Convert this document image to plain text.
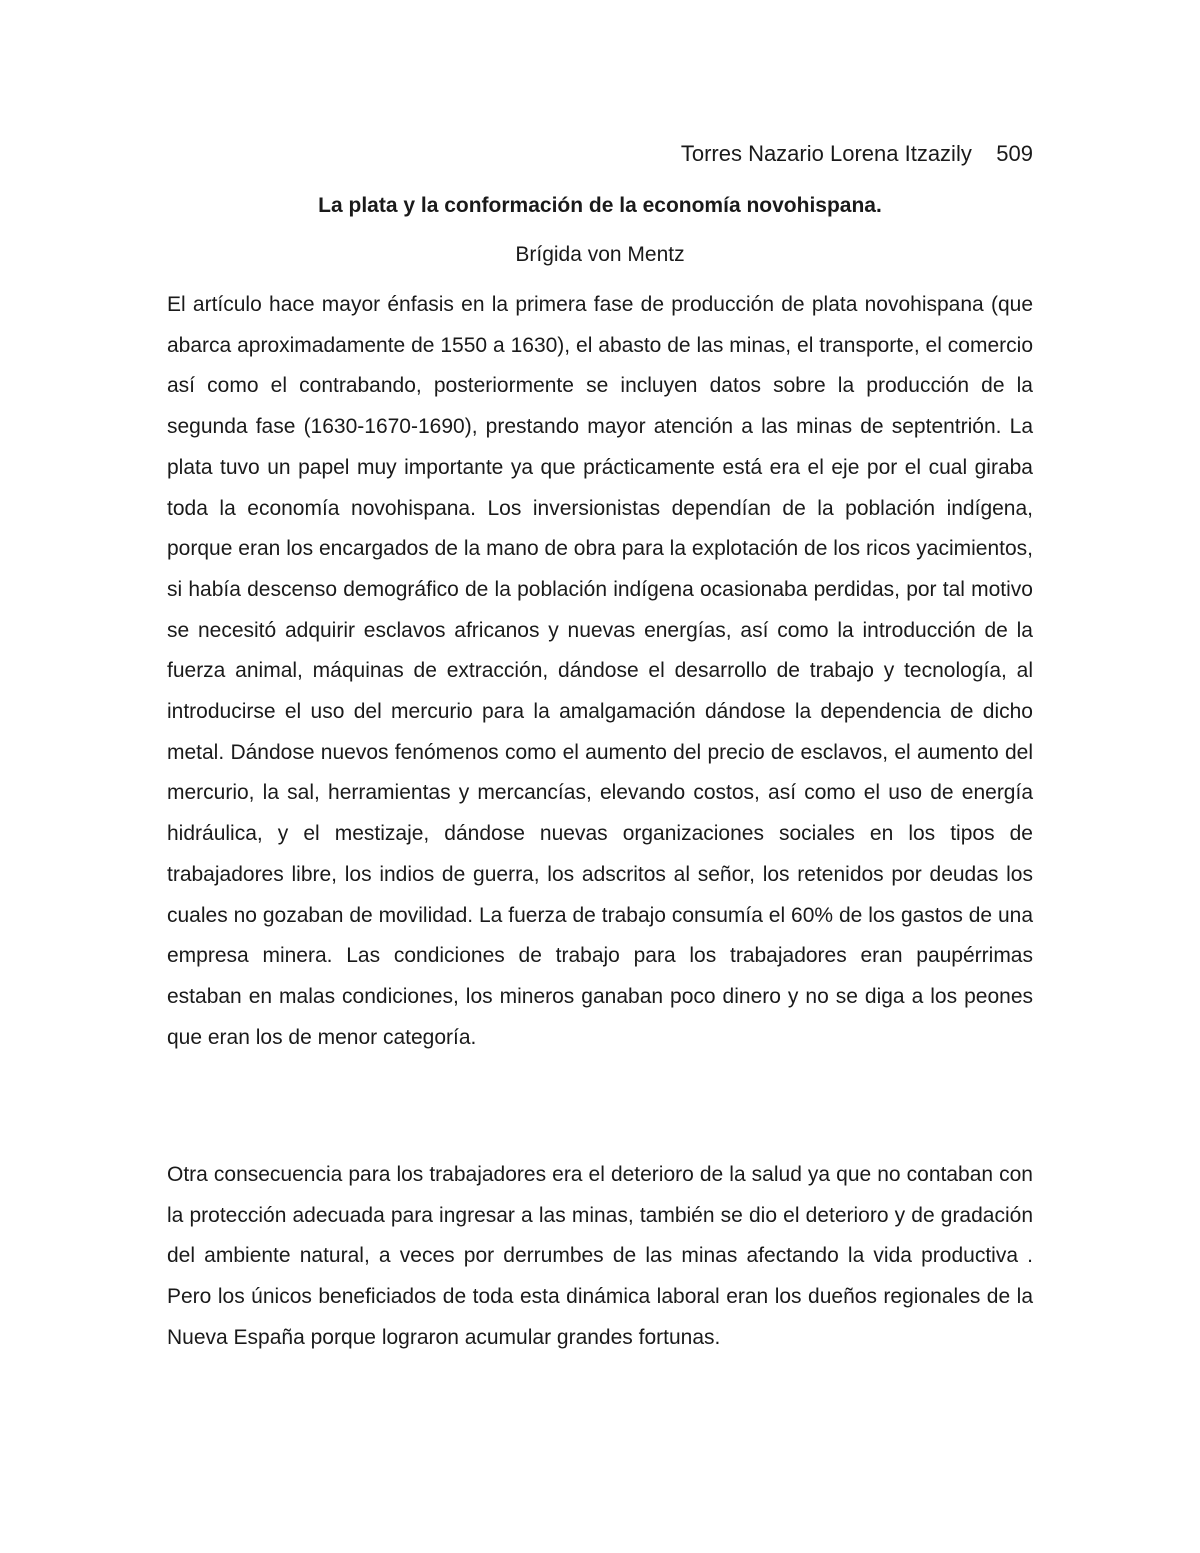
Torres Nazario Lorena Itzazily    509
La plata y la conformación de la economía novohispana.
Brígida von Mentz

El artículo hace mayor énfasis en la primera fase de producción de plata novohispana (que abarca aproximadamente de 1550 a 1630), el abasto de las minas, el transporte, el comercio así como el contrabando, posteriormente se incluyen datos sobre la producción de la segunda fase (1630-1670-1690), prestando mayor atención a las minas de septentrión. La plata tuvo un papel muy importante ya que prácticamente está era el eje por el cual giraba toda la economía novohispana. Los inversionistas dependían de la población indígena, porque eran los encargados de la mano de obra para la explotación de los ricos yacimientos, si había descenso demográfico de la población indígena ocasionaba perdidas, por tal motivo se necesitó adquirir esclavos africanos y nuevas energías, así como la introducción de la fuerza animal, máquinas de extracción, dándose el desarrollo de trabajo y tecnología, al introducirse el uso del mercurio para la amalgamación dándose la dependencia de dicho metal. Dándose nuevos fenómenos como el aumento del precio de esclavos, el aumento del mercurio, la sal, herramientas y mercancías, elevando costos, así como el uso de energía hidráulica, y el mestizaje, dándose nuevas organizaciones sociales en los tipos de trabajadores libre, los indios de guerra, los adscritos al señor, los retenidos por deudas los cuales no gozaban de movilidad. La fuerza de trabajo consumía el 60% de los gastos de una empresa minera. Las condiciones de trabajo para los trabajadores eran paupérrimas estaban en malas condiciones, los mineros ganaban poco dinero y no se diga a los peones que eran los de menor categoría.

Otra consecuencia para los trabajadores era el deterioro de la salud ya que no contaban con la protección adecuada para ingresar a las minas, también se dio el deterioro y de gradación del ambiente natural, a veces por derrumbes de las minas afectando la vida productiva . Pero los únicos beneficiados de toda esta dinámica laboral eran los dueños regionales de la Nueva España porque lograron acumular grandes fortunas.
